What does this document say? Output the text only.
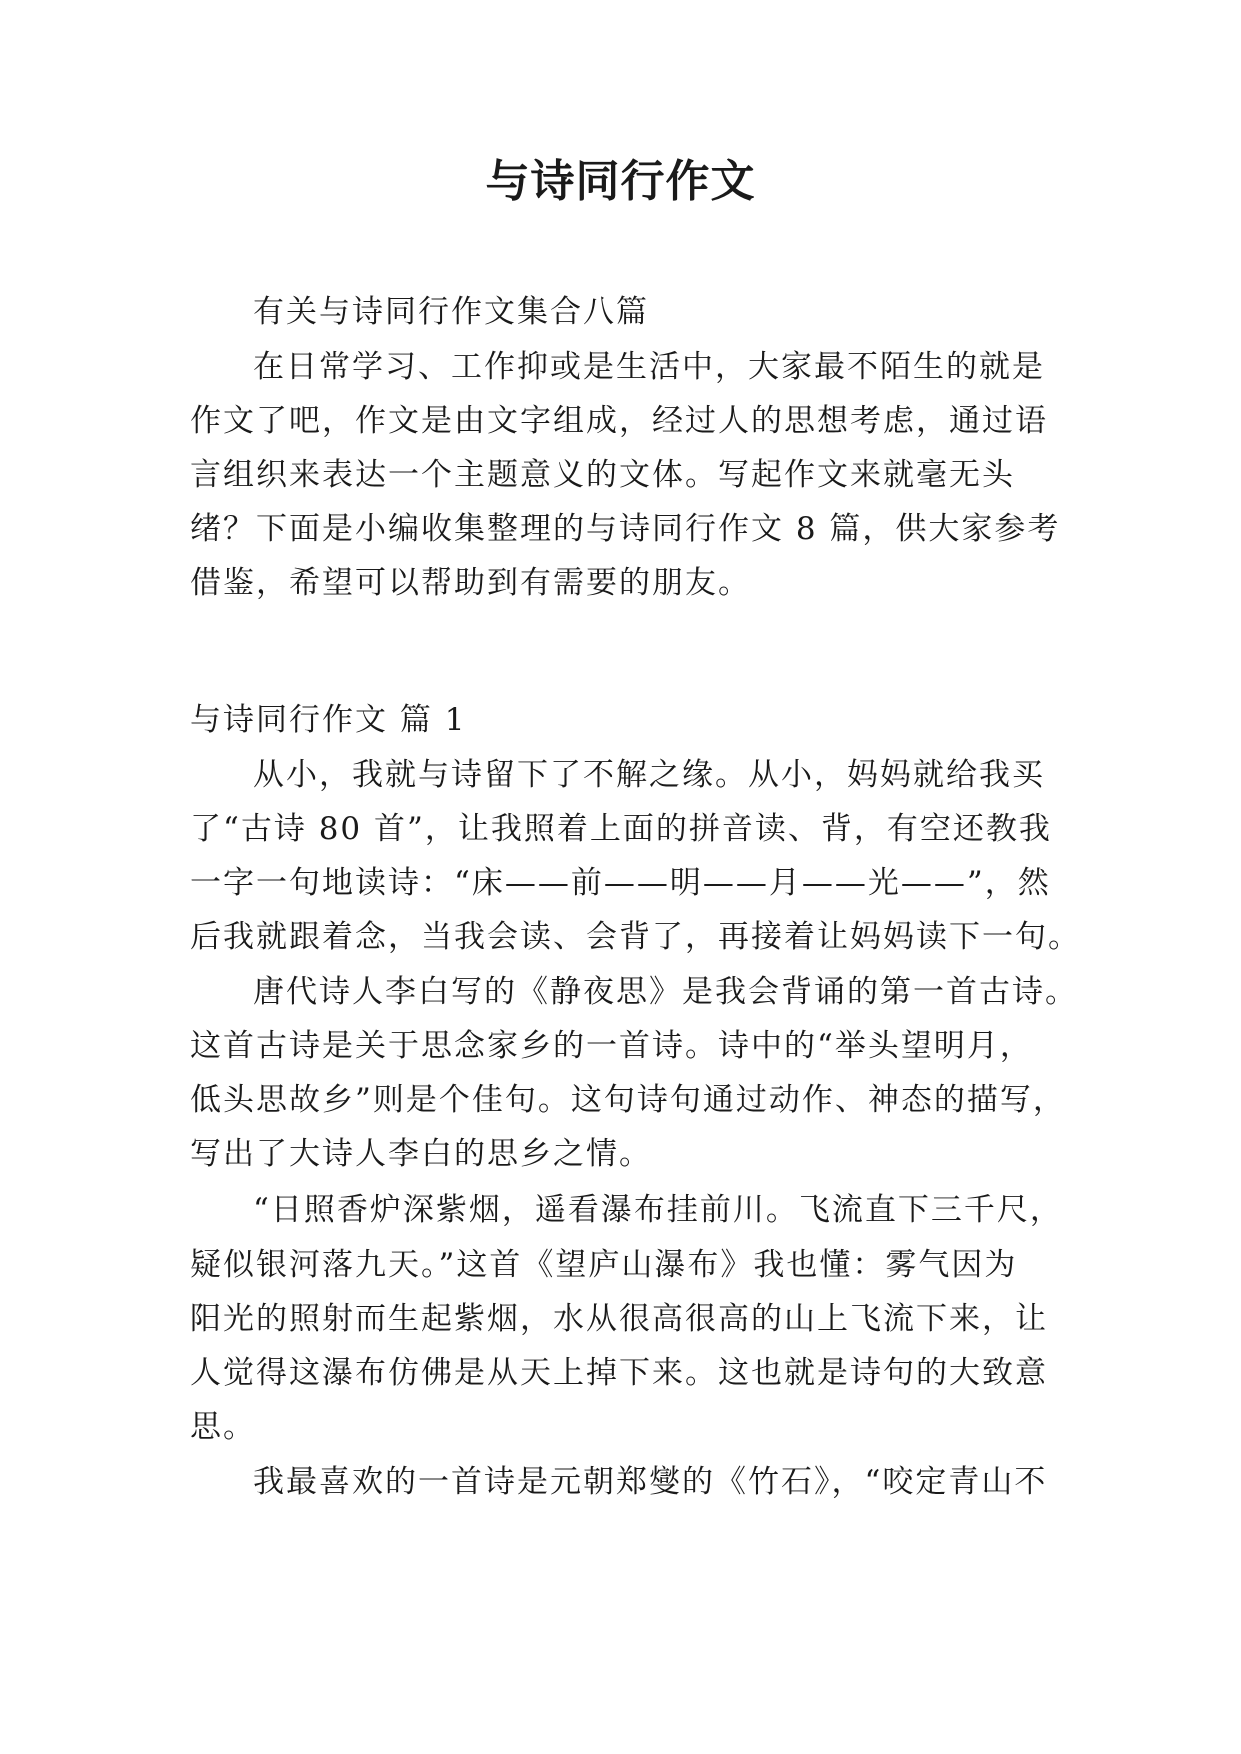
与诗同行作文
有关与诗同行作文集合八篇
在日常学习、工作抑或是生活中，大家最不陌生的就是
作文了吧，作文是由文字组成，经过人的思想考虑，通过语
言组织来表达一个主题意义的文体。写起作文来就毫无头
绪？下面是小编收集整理的与诗同行作文 8 篇，供大家参考
借鉴，希望可以帮助到有需要的朋友。
与诗同行作文 篇 1
从小，我就与诗留下了不解之缘。从小，妈妈就给我买
了“古诗 80 首”，让我照着上面的拼音读、背，有空还教我
一字一句地读诗：“床——前——明——月——光——”，然
后我就跟着念，当我会读、会背了，再接着让妈妈读下一句。
唐代诗人李白写的《静夜思》是我会背诵的第一首古诗。
这首古诗是关于思念家乡的一首诗。诗中的“举头望明月，
低头思故乡”则是个佳句。这句诗句通过动作、神态的描写，
写出了大诗人李白的思乡之情。
“日照香炉深紫烟，遥看瀑布挂前川。飞流直下三千尺，
疑似银河落九天。”这首《望庐山瀑布》我也懂：雾气因为
阳光的照射而生起紫烟，水从很高很高的山上飞流下来，让
人觉得这瀑布仿佛是从天上掉下来。这也就是诗句的大致意
思。
我最喜欢的一首诗是元朝郑燮的《竹石》，“咬定青山不
